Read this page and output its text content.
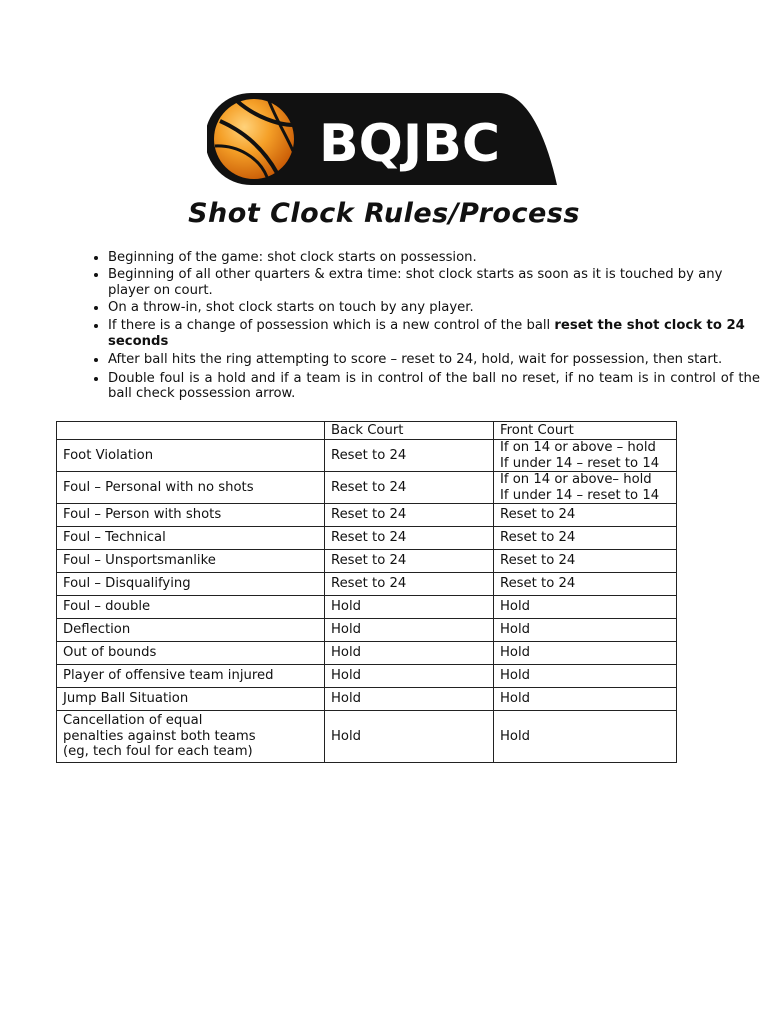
BQJBC
Shot Clock Rules/Process
• Beginning of the game: shot clock starts on possession.
• Beginning of all other quarters & extra time: shot clock starts as soon as it is touched by any player on court.
• On a throw-in, shot clock starts on touch by any player.
• If there is a change of possession which is a new control of the ball reset the shot clock to 24 seconds
• After ball hits the ring attempting to score – reset to 24, hold, wait for possession, then start.
• Double foul is a hold and if a team is in control of the ball no reset, if no team is in control of the ball check possession arrow.
	Back Court	Front Court
Foot Violation	Reset to 24	If on 14 or above – hold
If under 14 – reset to 14
Foul – Personal with no shots	Reset to 24	If on 14 or above– hold
If under 14 – reset to 14
Foul – Person with shots	Reset to 24	Reset to 24
Foul – Technical	Reset to 24	Reset to 24
Foul – Unsportsmanlike	Reset to 24	Reset to 24
Foul – Disqualifying	Reset to 24	Reset to 24
Foul – double	Hold	Hold
Deflection	Hold	Hold
Out of bounds	Hold	Hold
Player of offensive team injured	Hold	Hold
Jump Ball Situation	Hold	Hold
Cancellation of equal
penalties against both teams
(eg, tech foul for each team)	Hold	Hold
